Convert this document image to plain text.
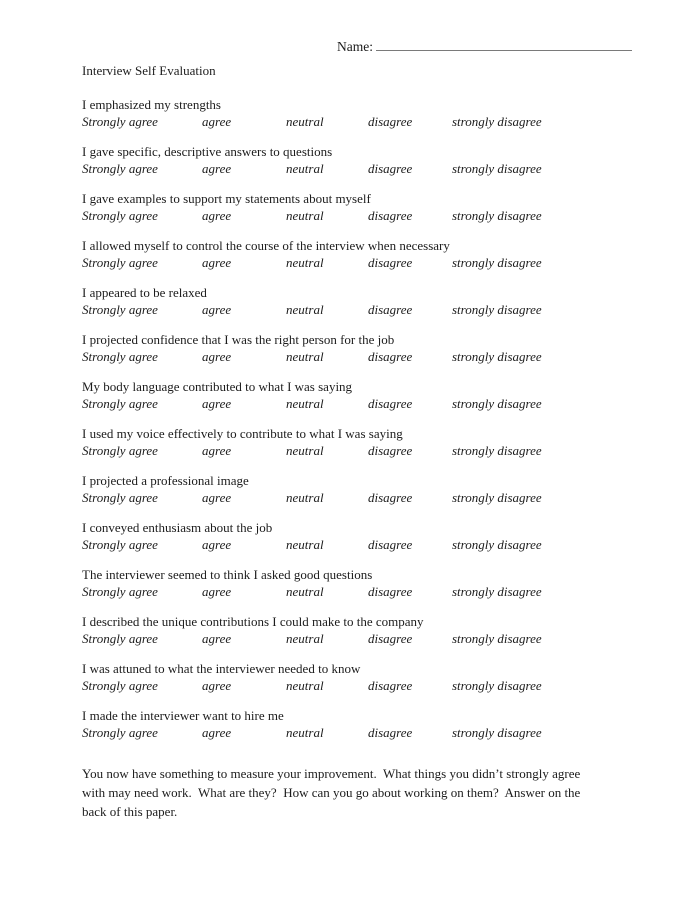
Name:
Interview Self Evaluation
I emphasized my strengths
Strongly agree	agree	neutral	disagree	strongly disagree
I gave specific, descriptive answers to questions
Strongly agree	agree	neutral	disagree	strongly disagree
I gave examples to support my statements about myself
Strongly agree	agree	neutral	disagree	strongly disagree
I allowed myself to control the course of the interview when necessary
Strongly agree	agree	neutral	disagree	strongly disagree
I appeared to be relaxed
Strongly agree	agree	neutral	disagree	strongly disagree
I projected confidence that I was the right person for the job
Strongly agree	agree	neutral	disagree	strongly disagree
My body language contributed to what I was saying
Strongly agree	agree	neutral	disagree	strongly disagree
I used my voice effectively to contribute to what I was saying
Strongly agree	agree	neutral	disagree	strongly disagree
I projected a professional image
Strongly agree	agree	neutral	disagree	strongly disagree
I conveyed enthusiasm about the job
Strongly agree	agree	neutral	disagree	strongly disagree
The interviewer seemed to think I asked good questions
Strongly agree	agree	neutral	disagree	strongly disagree
I described the unique contributions I could make to the company
Strongly agree	agree	neutral	disagree	strongly disagree
I was attuned to what the interviewer needed to know
Strongly agree	agree	neutral	disagree	strongly disagree
I made the interviewer want to hire me
Strongly agree	agree	neutral	disagree	strongly disagree
You now have something to measure your improvement.  What things you didn’t strongly agree
with may need work.  What are they?  How can you go about working on them?  Answer on the
back of this paper.
